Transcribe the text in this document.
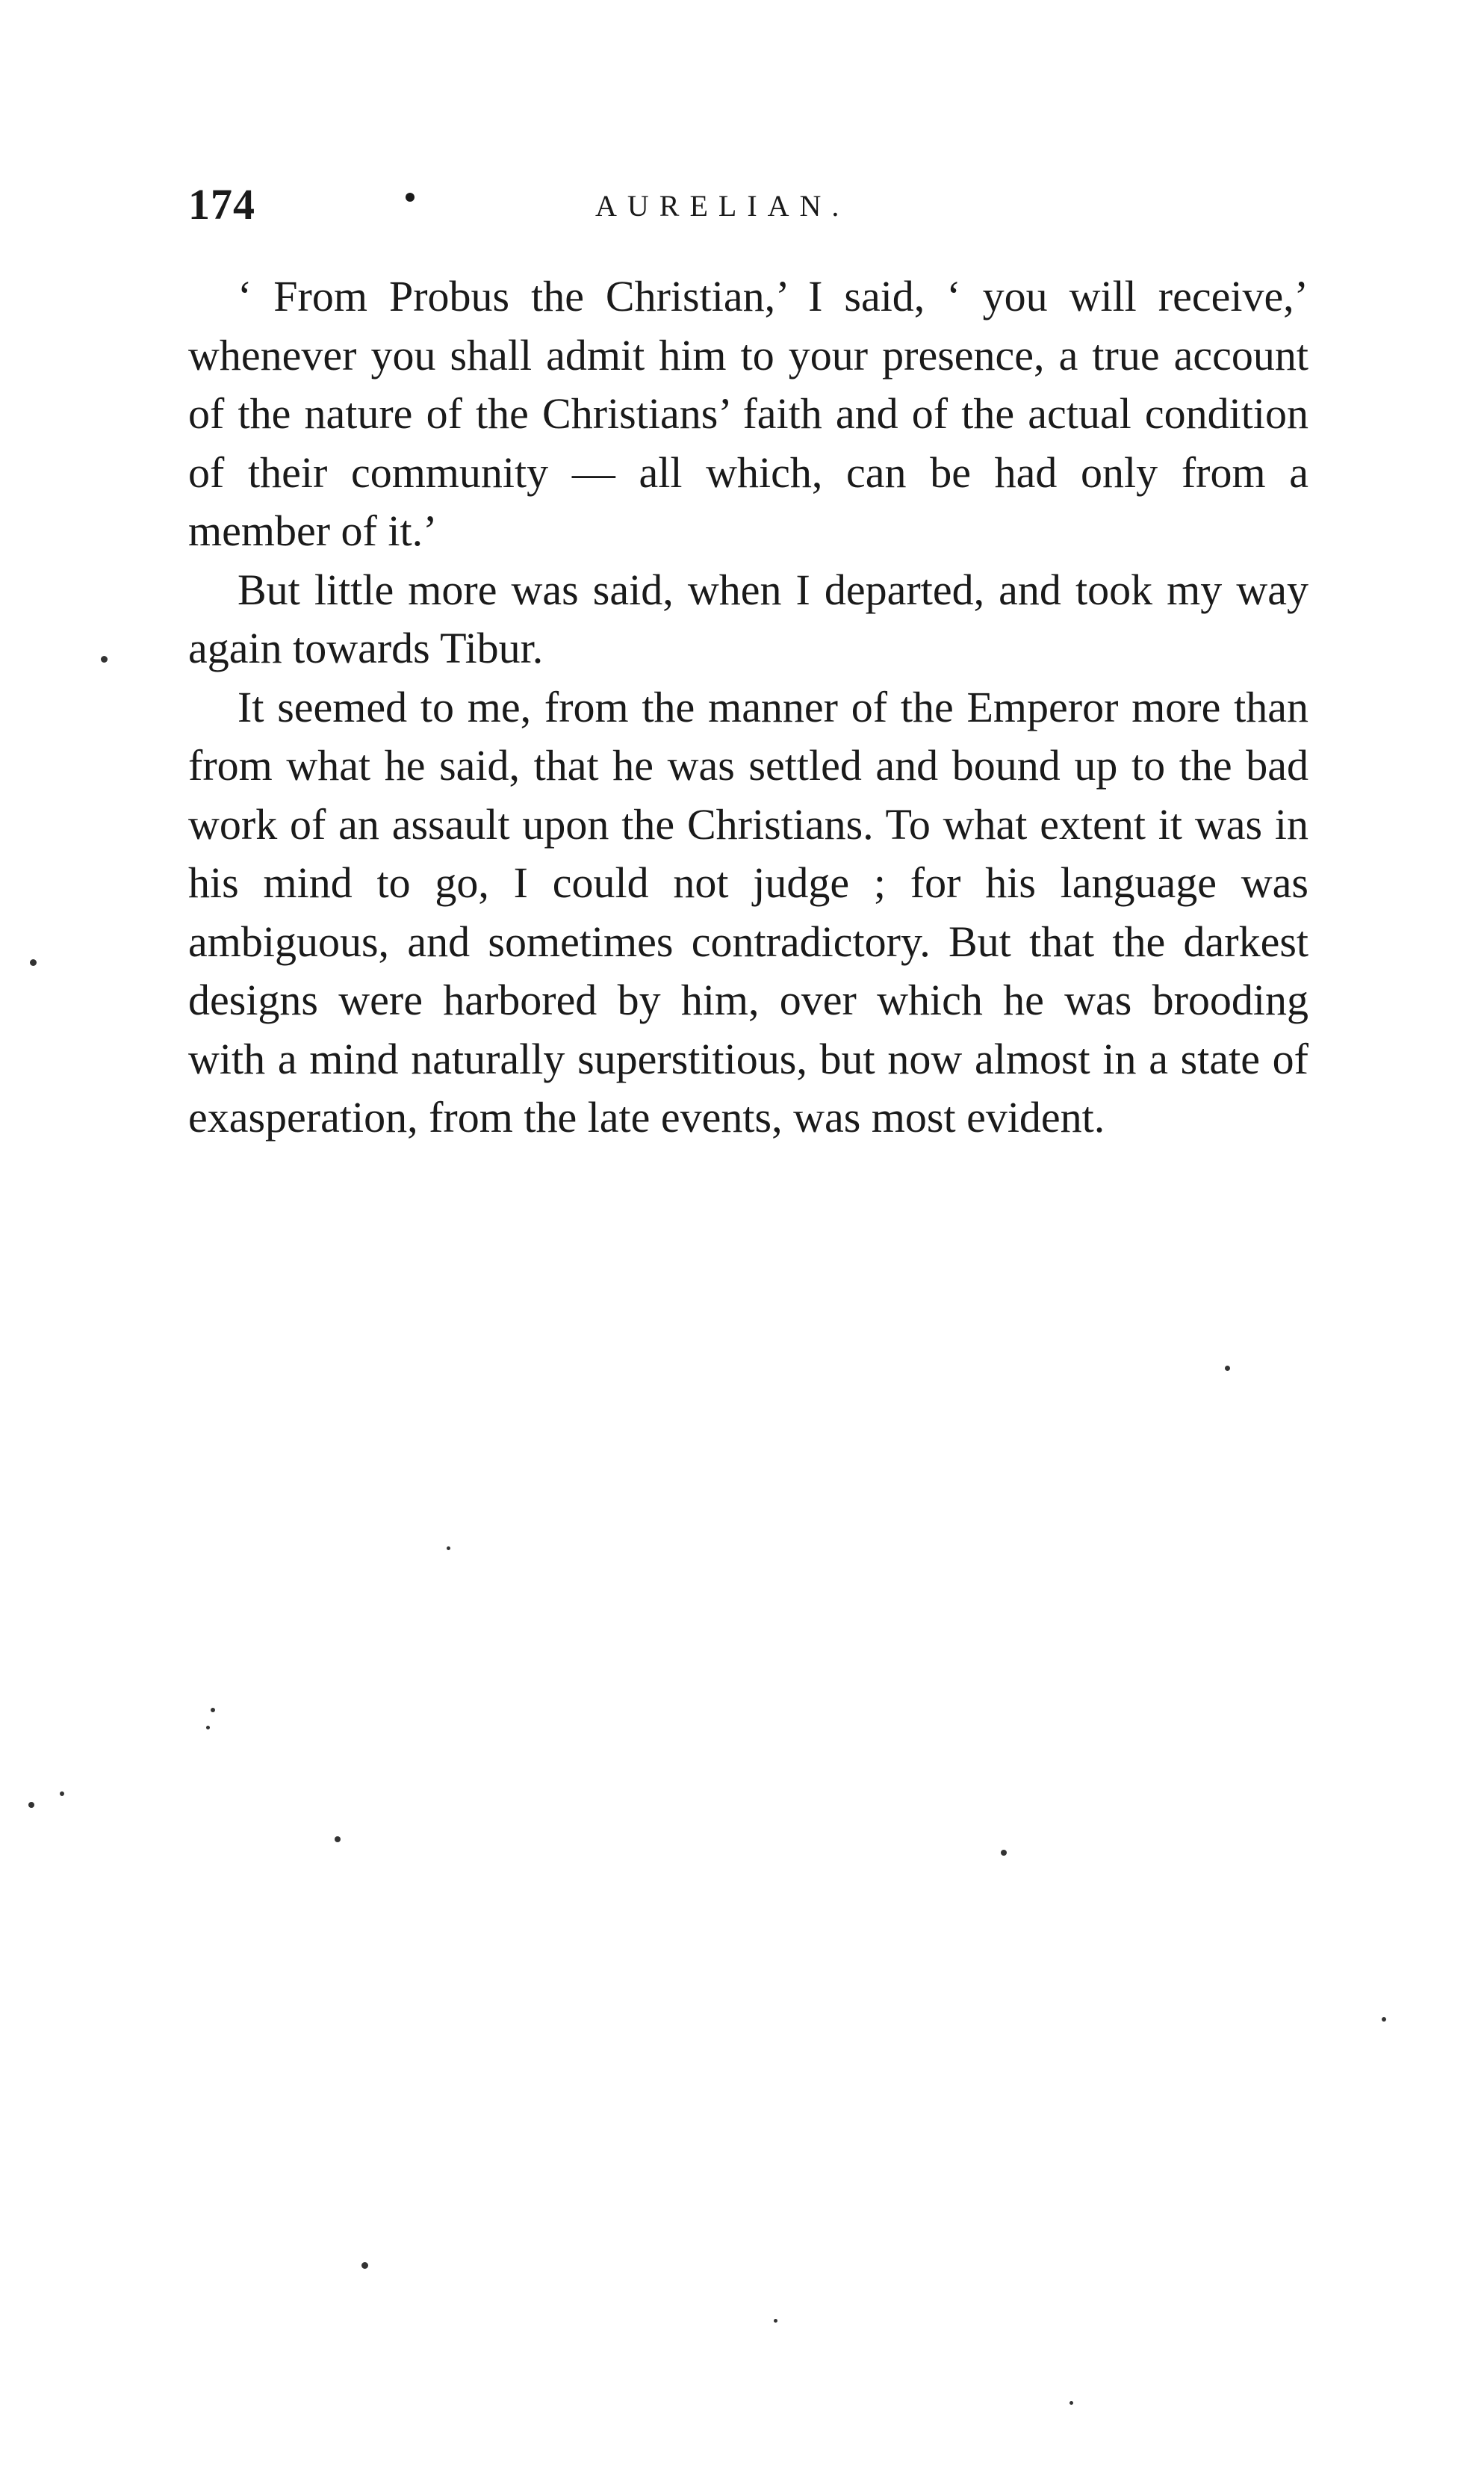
174	AURELIAN.

‘ From Probus the Christian,’ I said, ‘ you will receive,’ whenever you shall admit him to your presence, a true account of the nature of the Christians’ faith and of the actual condition of their community — all which, can be had only from a member of it.’

But little more was said, when I departed, and took my way again towards Tibur.

It seemed to me, from the manner of the Emperor more than from what he said, that he was settled and bound up to the bad work of an assault upon the Christians. To what extent it was in his mind to go, I could not judge ; for his language was ambiguous, and sometimes contradictory. But that the darkest designs were harbored by him, over which he was brooding with a mind naturally superstitious, but now almost in a state of exasperation, from the late events, was most evident.
